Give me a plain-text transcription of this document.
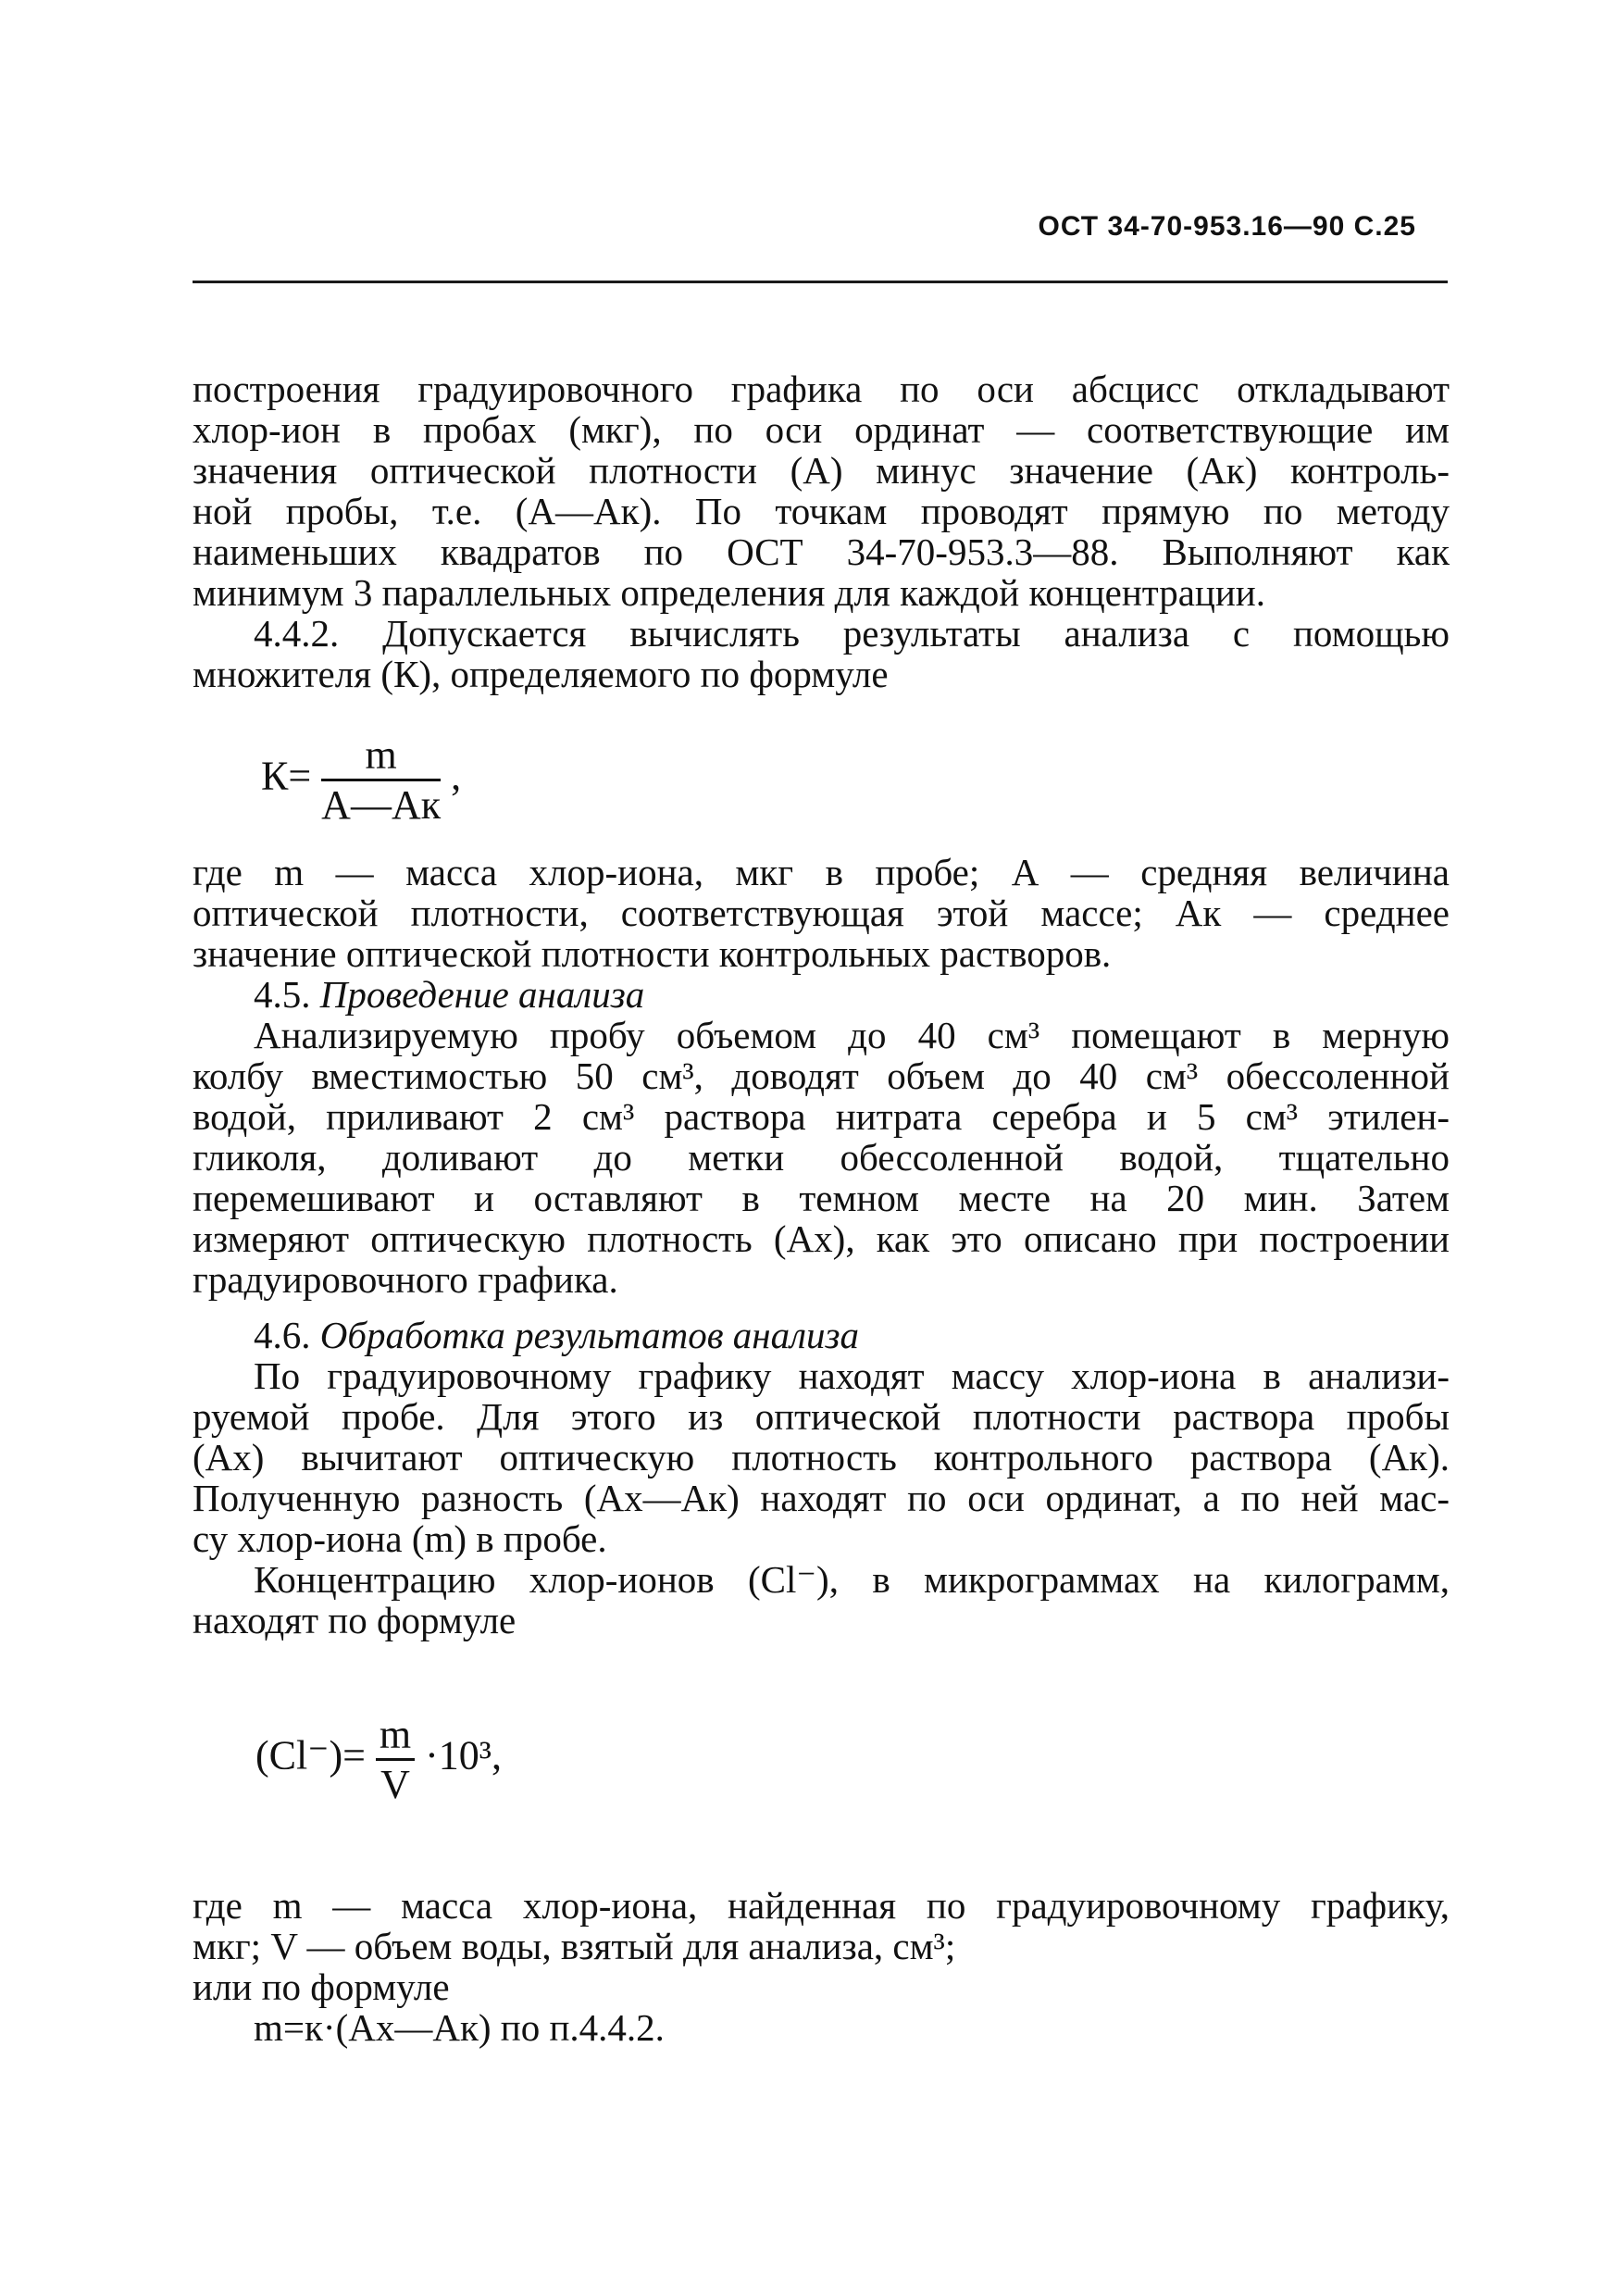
ОСТ 34-70-953.16—90 С.25
построения градуировочного графика по оси абсцисс откладывают
хлор-ион в пробах (мкг), по оси ординат — соответствующие им
значения оптической плотности (А) минус значение (Aк) контроль-
ной пробы, т.е. (А—Ак). По точкам проводят прямую по методу
наименьших квадратов по ОСТ 34-70-953.3—88. Выполняют как
минимум 3 параллельных определения для каждой концентрации.
4.4.2. Допускается вычислять результаты анализа с помощью
множителя (К), определяемого по формуле
$К= \frac{m}{A—Aк}$ ,
где m — масса хлор-иона, мкг в пробе; А — средняя величина
оптической плотности, соответствующая этой массе; Ак — среднее
значение оптической плотности контрольных растворов.
4.5. Проведение анализа
Анализируемую пробу объемом до 40 см³ помещают в мерную
колбу вместимостью 50 см³, доводят объем до 40 см³ обессоленной
водой, приливают 2 см³ раствора нитрата серебра и 5 см³ этилен-
гликоля, доливают до метки обессоленной водой, тщательно
перемешивают и оставляют в темном месте на 20 мин. Затем
измеряют оптическую плотность (Аx), как это описано при построении
градуировочного графика.
4.6. Обработка результатов анализа
По градуировочному графику находят массу хлор-иона в анализи-
руемой пробе. Для этого из оптической плотности раствора пробы
(Аx) вычитают оптическую плотность контрольного раствора (Ак).
Полученную разность (Аx—Ак) находят по оси ординат, а по ней мас-
су хлор-иона (m) в пробе.
Концентрацию хлор-ионов (Cl⁻), в микрограммах на килограмм,
находят по формуле
$(Cl^-)= \frac{m}{V} \cdot 10^3$,
где m — масса хлор-иона, найденная по градуировочному графику,
мкг; V — объем воды, взятый для анализа, см³;
или по формуле
m=к·(Аx—Ак) по п.4.4.2.
